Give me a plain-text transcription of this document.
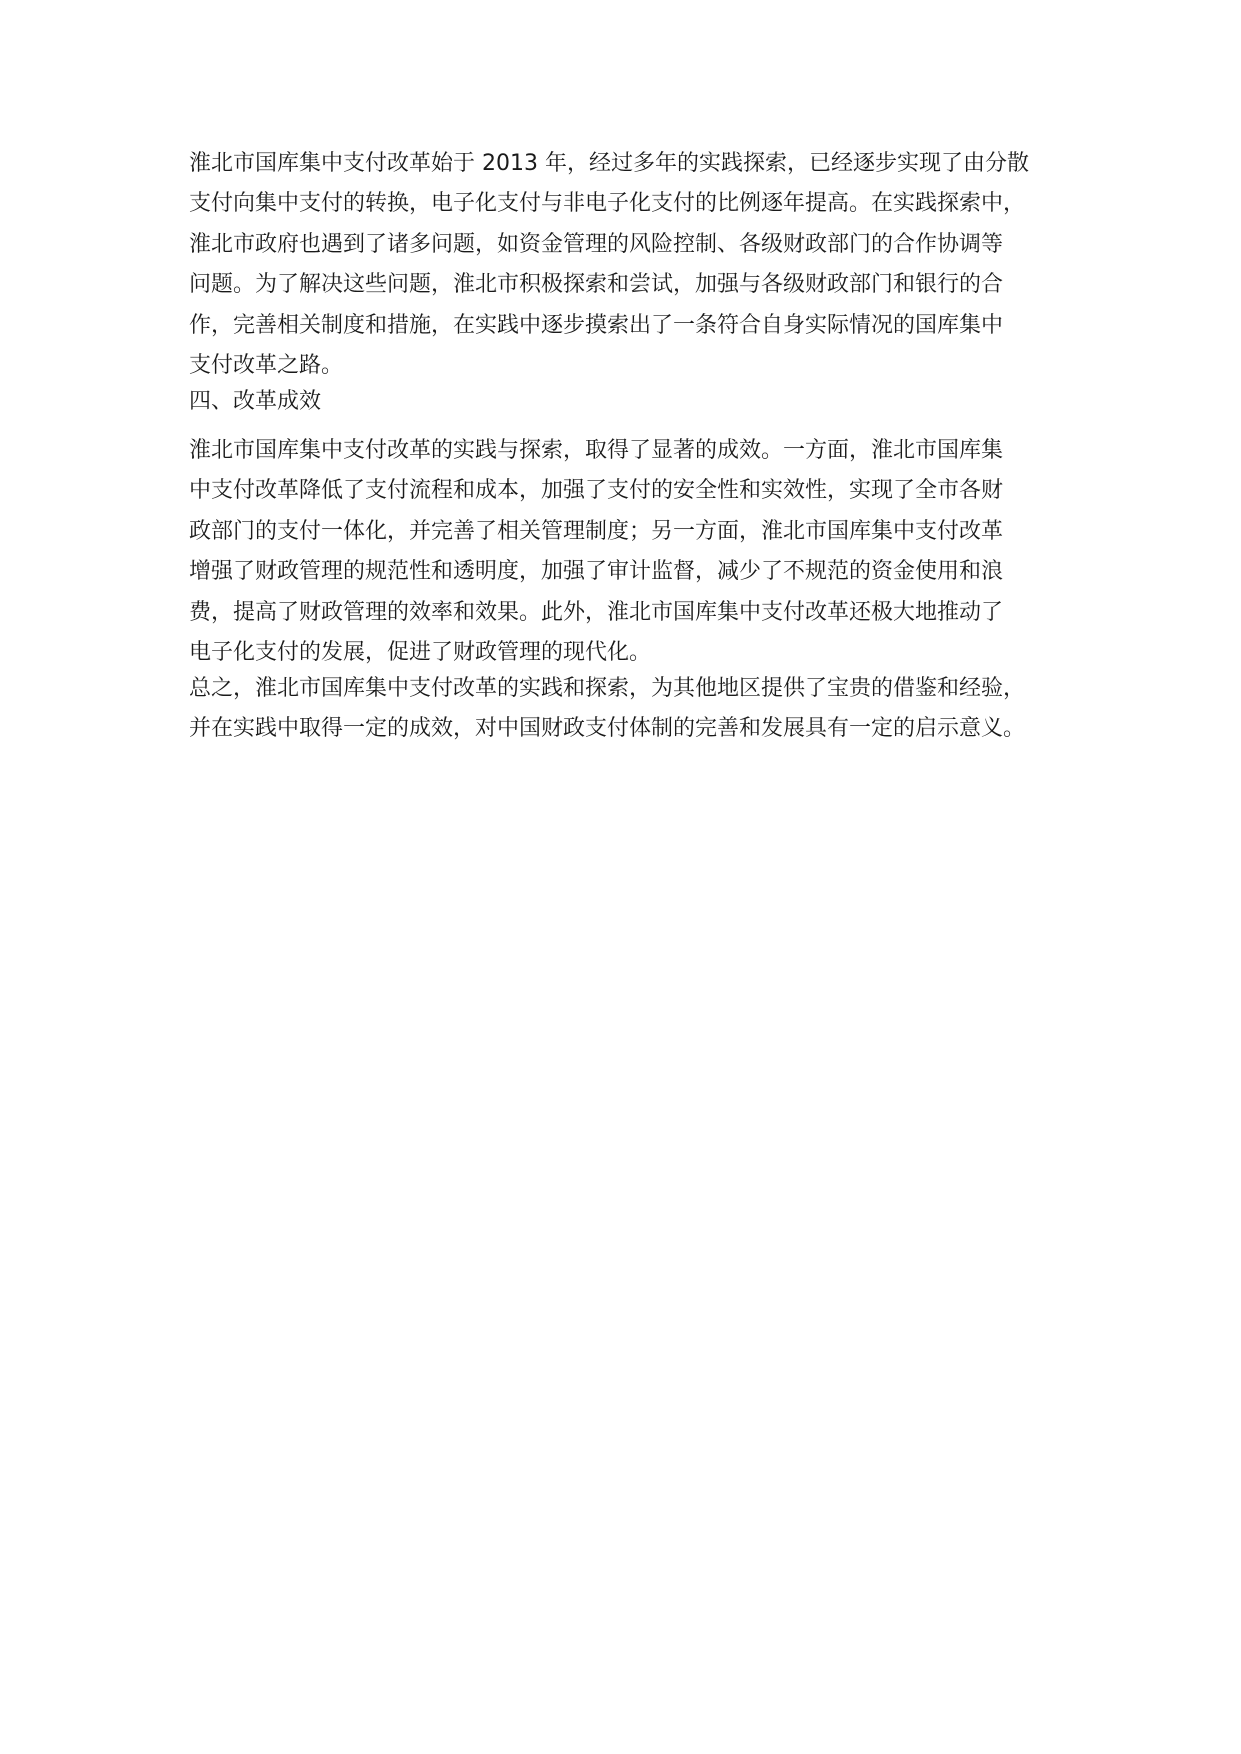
淮北市国库集中支付改革始于 2013 年，经过多年的实践探索，已经逐步实现了由分散
支付向集中支付的转换，电子化支付与非电子化支付的比例逐年提高。在实践探索中，
淮北市政府也遇到了诸多问题，如资金管理的风险控制、各级财政部门的合作协调等
问题。为了解决这些问题，淮北市积极探索和尝试，加强与各级财政部门和银行的合
作，完善相关制度和措施，在实践中逐步摸索出了一条符合自身实际情况的国库集中
支付改革之路。
四、改革成效
淮北市国库集中支付改革的实践与探索，取得了显著的成效。一方面，淮北市国库集
中支付改革降低了支付流程和成本，加强了支付的安全性和实效性，实现了全市各财
政部门的支付一体化，并完善了相关管理制度；另一方面，淮北市国库集中支付改革
增强了财政管理的规范性和透明度，加强了审计监督，减少了不规范的资金使用和浪
费，提高了财政管理的效率和效果。此外，淮北市国库集中支付改革还极大地推动了
电子化支付的发展，促进了财政管理的现代化。
总之，淮北市国库集中支付改革的实践和探索，为其他地区提供了宝贵的借鉴和经验，
并在实践中取得一定的成效，对中国财政支付体制的完善和发展具有一定的启示意义。
